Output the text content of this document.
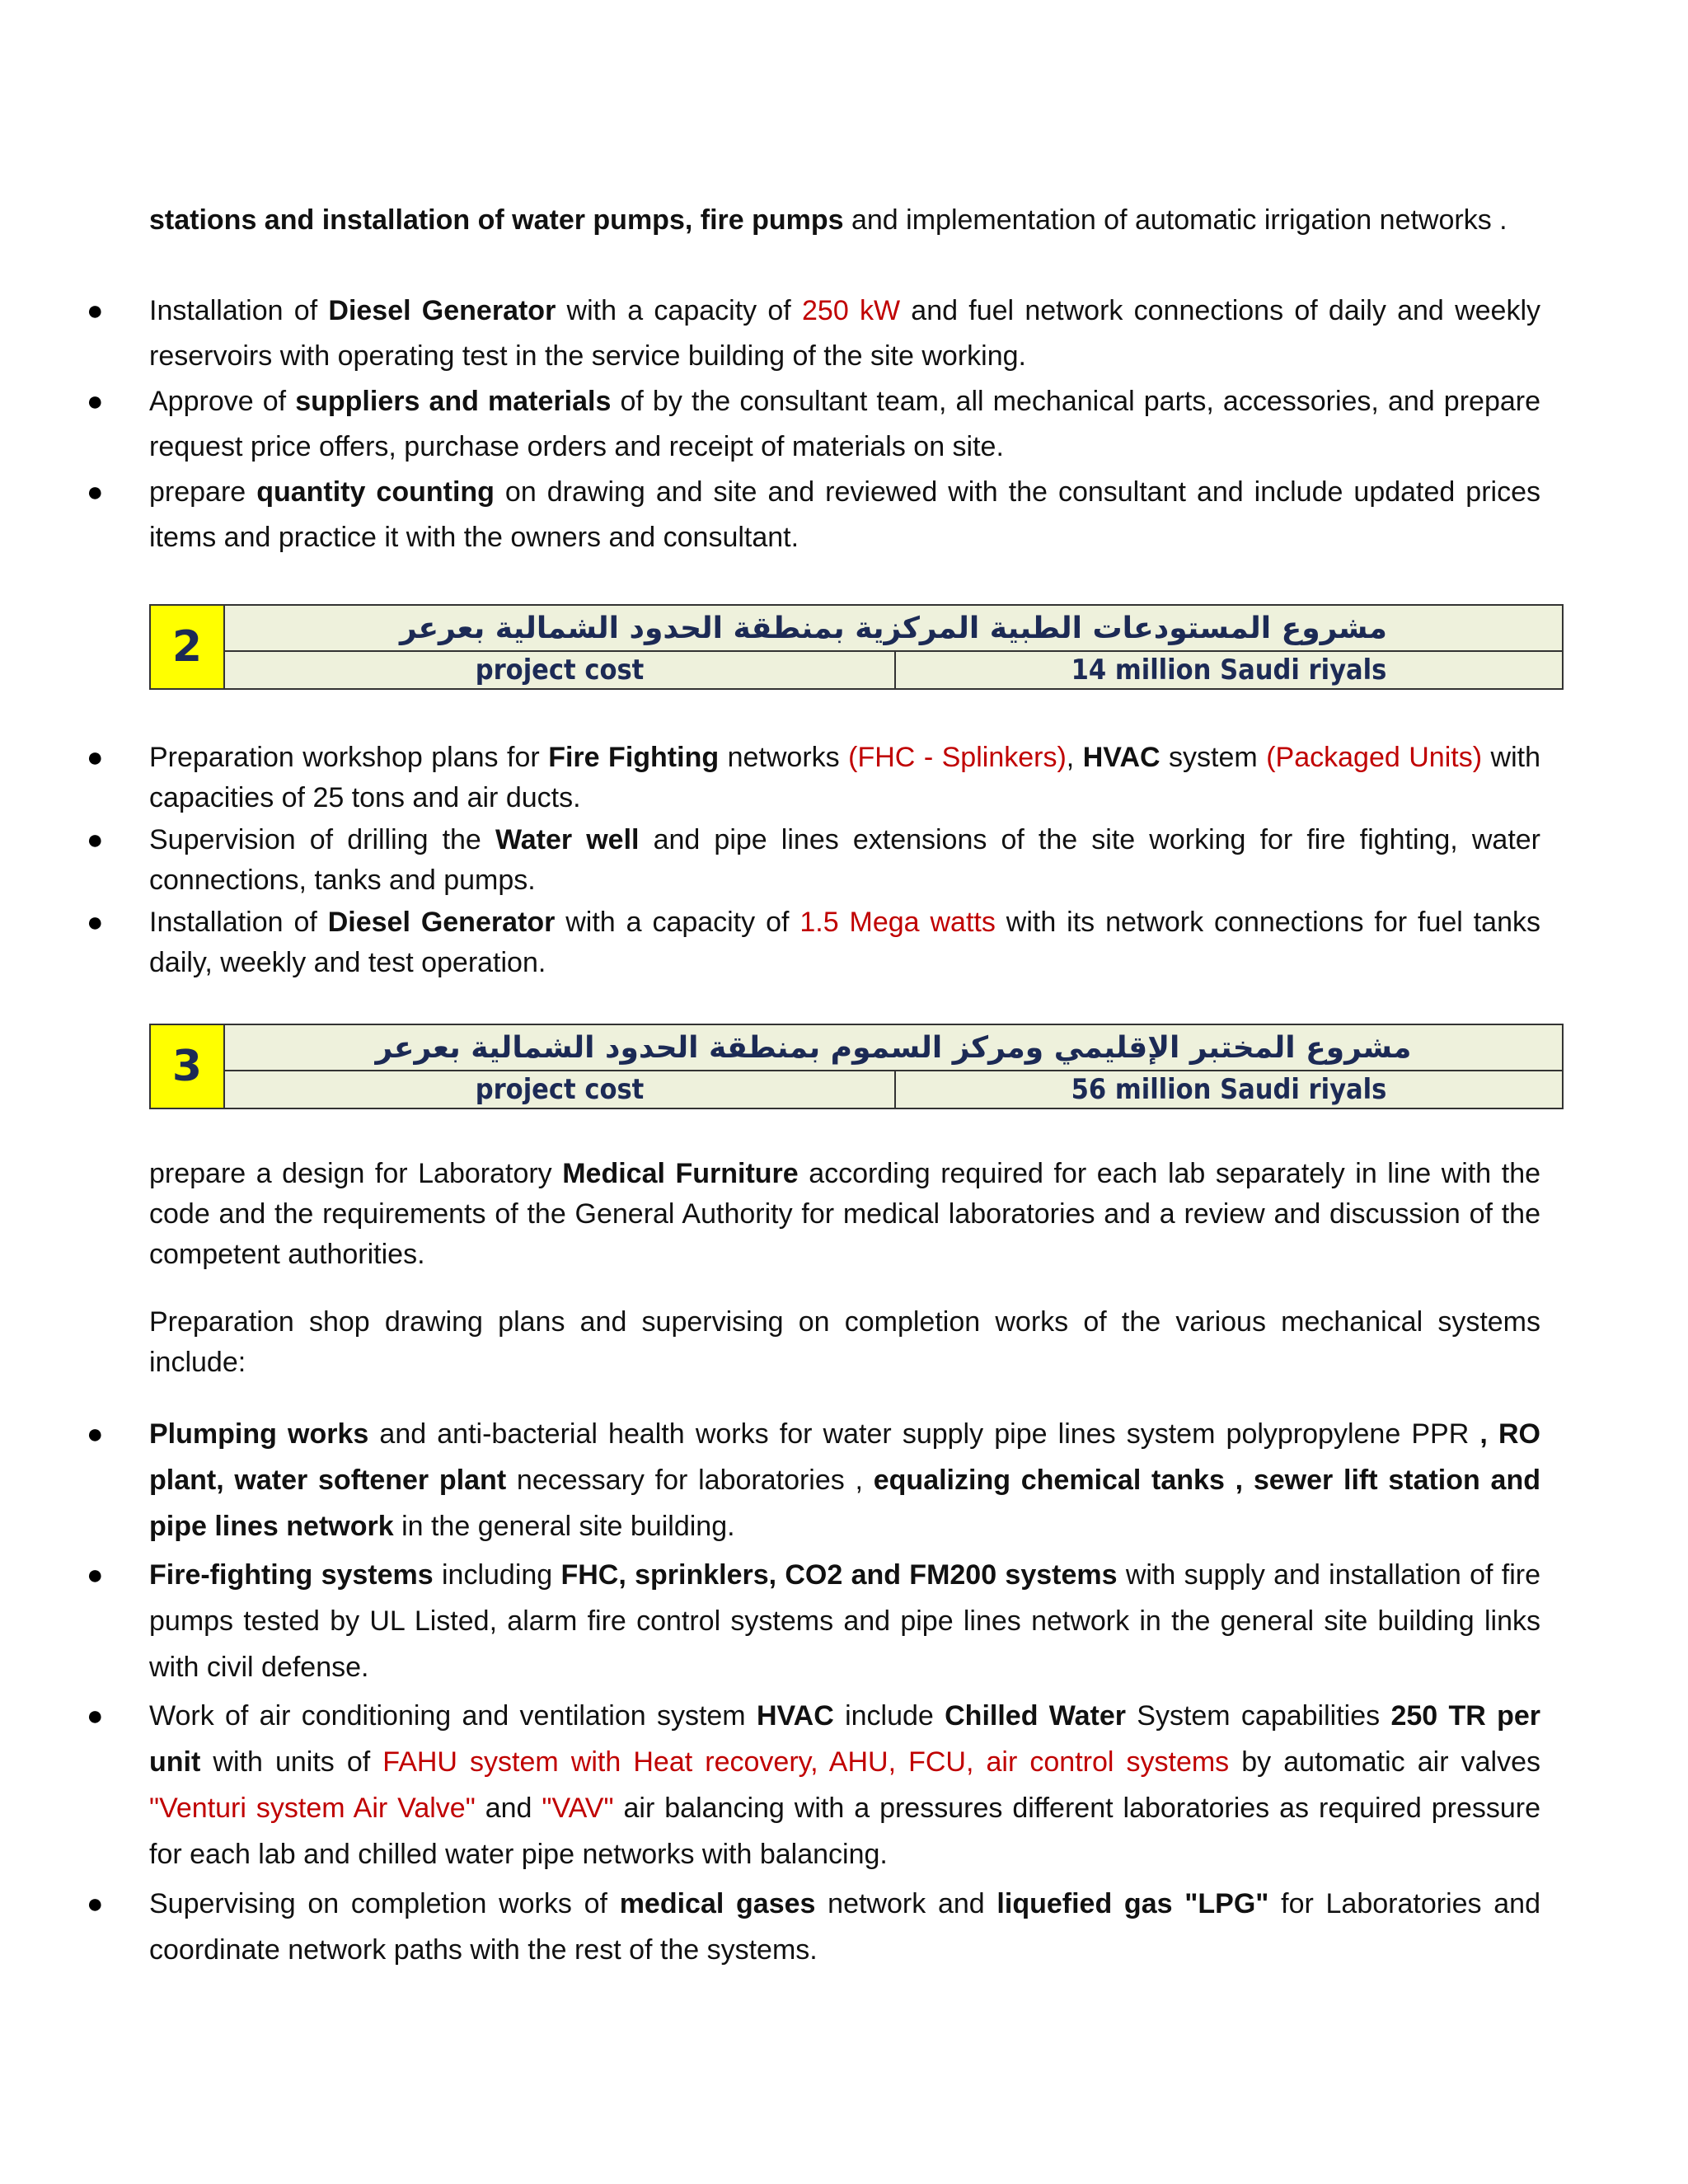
stations and installation of water pumps, fire pumps and implementation of automatic irrigation networks .
● Installation of Diesel Generator with a capacity of 250 kW and fuel network connections of daily and weekly reservoirs with operating test in the service building of the site working.
● Approve of suppliers and materials of by the consultant team, all mechanical parts, accessories, and prepare request price offers, purchase orders and receipt of materials on site.
● prepare quantity counting on drawing and site and reviewed with the consultant and include updated prices items and practice it with the owners and consultant.
2	مشروع المستودعات الطبية المركزية بمنطقة الحدود الشمالية بعرعر
project cost	14 million Saudi riyals
● Preparation workshop plans for Fire Fighting networks (FHC - Splinkers), HVAC system (Packaged Units) with capacities of 25 tons and air ducts.
● Supervision of drilling the Water well and pipe lines extensions of the site working for fire fighting, water connections, tanks and pumps.
● Installation of Diesel Generator with a capacity of 1.5 Mega watts with its network connections for fuel tanks daily, weekly and test operation.
3	مشروع المختبر الإقليمي ومركز السموم بمنطقة الحدود الشمالية بعرعر
project cost	56 million Saudi riyals
prepare a design for Laboratory Medical Furniture according required for each lab separately in line with the code and the requirements of the General Authority for medical laboratories and a review and discussion of the competent authorities.
Preparation shop drawing plans and supervising on completion works of the various mechanical systems include:
● Plumping works and anti-bacterial health works for water supply pipe lines system polypropylene PPR , RO plant, water softener plant necessary for laboratories , equalizing chemical tanks , sewer lift station and pipe lines network in the general site building.
● Fire-fighting systems including FHC, sprinklers, CO2 and FM200 systems with supply and installation of fire pumps tested by UL Listed, alarm fire control systems and pipe lines network in the general site building links with civil defense.
● Work of air conditioning and ventilation system HVAC include Chilled Water System capabilities 250 TR per unit with units of FAHU system with Heat recovery, AHU, FCU, air control systems by automatic air valves "Venturi system Air Valve" and "VAV" air balancing with a pressures different laboratories as required pressure for each lab and chilled water pipe networks with balancing.
● Supervising on completion works of medical gases network and liquefied gas "LPG" for Laboratories and coordinate network paths with the rest of the systems.
